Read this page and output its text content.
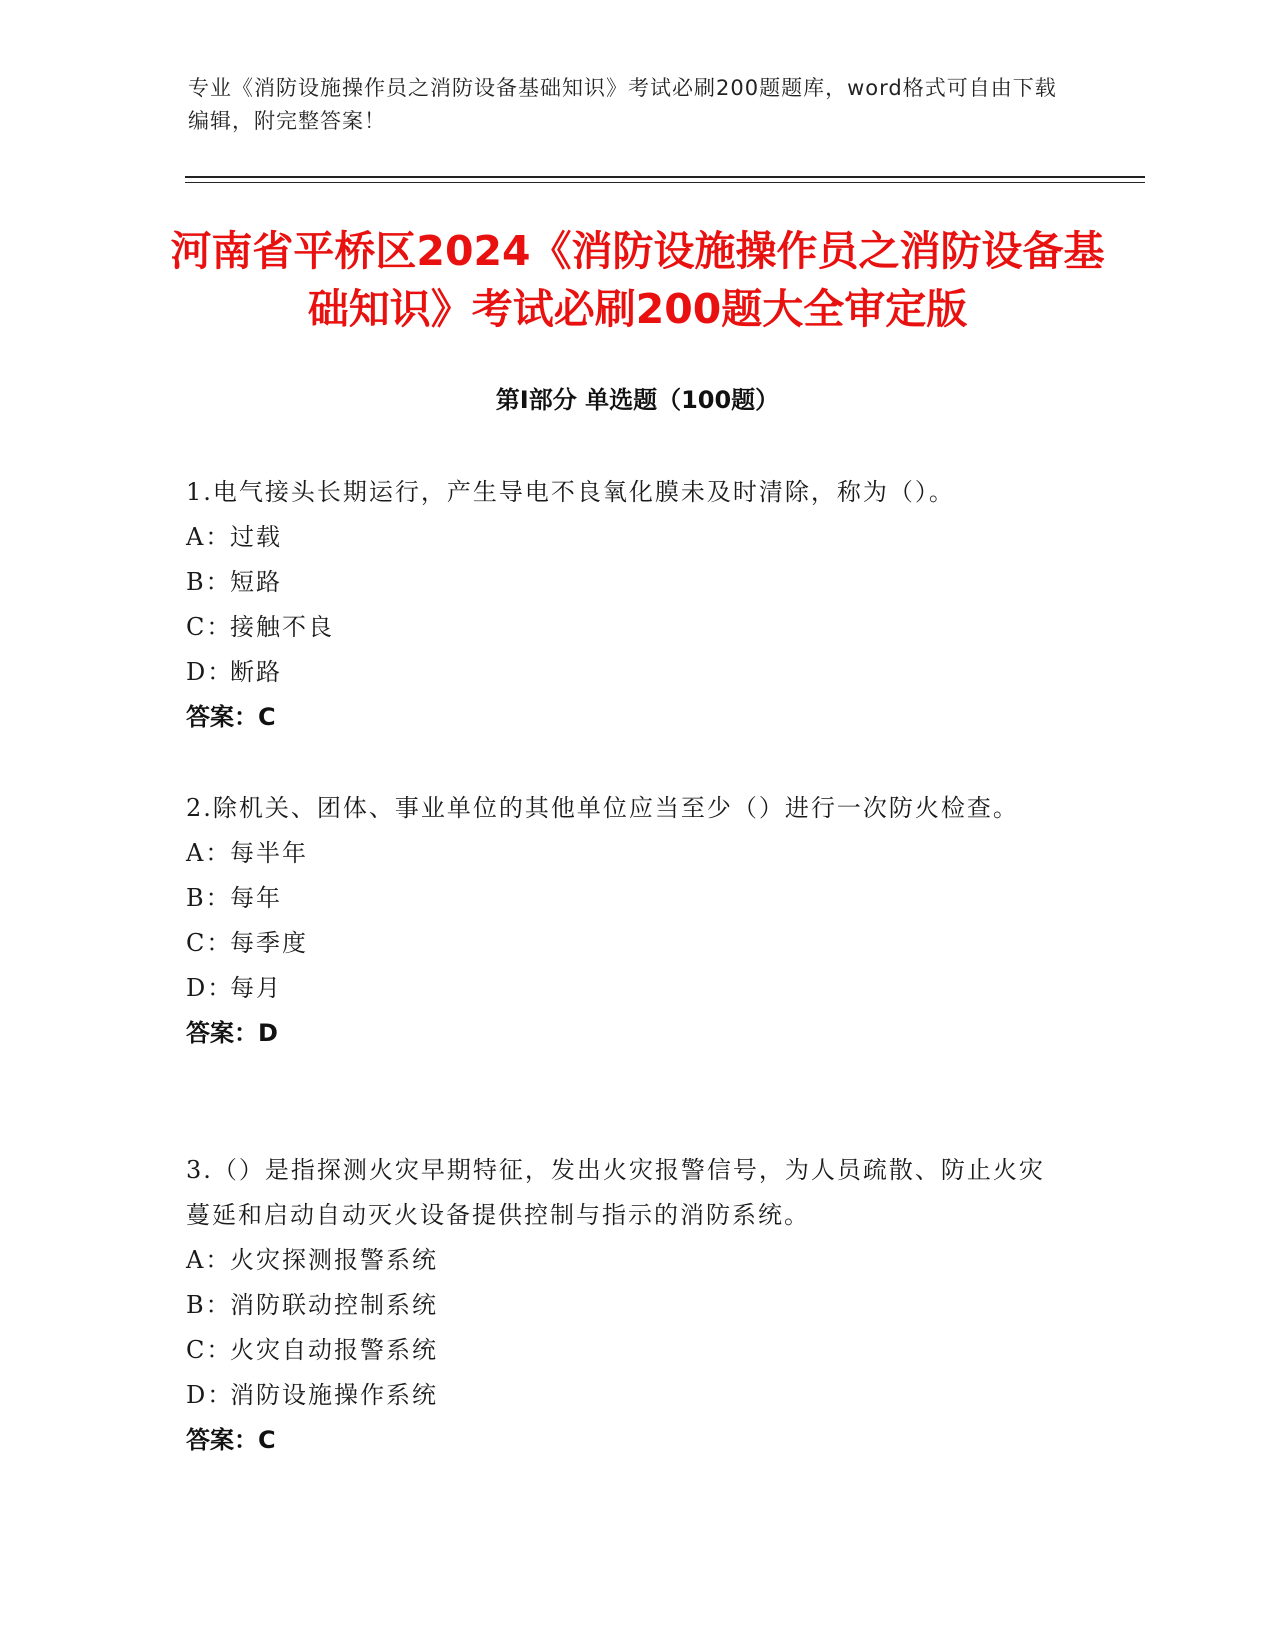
专业《消防设施操作员之消防设备基础知识》考试必刷200题题库，word格式可自由下载编辑，附完整答案！
河南省平桥区2024《消防设施操作员之消防设备基础知识》考试必刷200题大全审定版
第I部分 单选题（100题）
1.电气接头长期运行，产生导电不良氧化膜未及时清除，称为（）。
A：过载
B：短路
C：接触不良
D：断路
答案：C
2.除机关、团体、事业单位的其他单位应当至少（）进行一次防火检查。
A：每半年
B：每年
C：每季度
D：每月
答案：D
3.（）是指探测火灾早期特征，发出火灾报警信号，为人员疏散、防止火灾蔓延和启动自动灭火设备提供控制与指示的消防系统。
A：火灾探测报警系统
B：消防联动控制系统
C：火灾自动报警系统
D：消防设施操作系统
答案：C
